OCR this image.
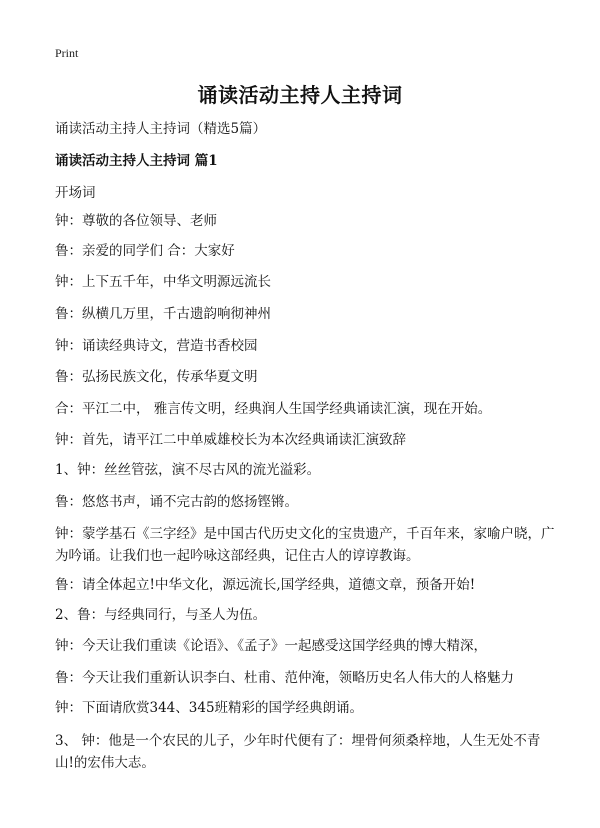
Print
诵读活动主持人主持词
诵读活动主持人主持词（精选5篇）
诵读活动主持人主持词 篇1
开场词
钟：尊敬的各位领导、老师
鲁：亲爱的同学们 合：大家好
钟：上下五千年，中华文明源远流长
鲁：纵横几万里，千古遗韵响彻神州
钟：诵读经典诗文，营造书香校园
鲁：弘扬民族文化，传承华夏文明
合：平江二中， 雅言传文明，经典润人生国学经典诵读汇演，现在开始。
钟：首先，请平江二中单威雄校长为本次经典诵读汇演致辞
1、钟：丝丝管弦，演不尽古风的流光溢彩。
鲁：悠悠书声，诵不完古韵的悠扬铿锵。
钟：蒙学基石《三字经》是中国古代历史文化的宝贵遗产，千百年来，家喻户晓，广为吟诵。让我们也一起吟咏这部经典，记住古人的谆谆教诲。
鲁：请全体起立!中华文化，源远流长,国学经典，道德文章，预备开始!
2、鲁：与经典同行，与圣人为伍。
钟：今天让我们重读《论语》、《孟子》一起感受这国学经典的博大精深，
鲁：今天让我们重新认识李白、杜甫、范仲淹，领略历史名人伟大的人格魅力
钟：下面请欣赏344、345班精彩的国学经典朗诵。
3、 钟：他是一个农民的儿子，少年时代便有了：埋骨何须桑梓地，人生无处不青山!的宏伟大志。
